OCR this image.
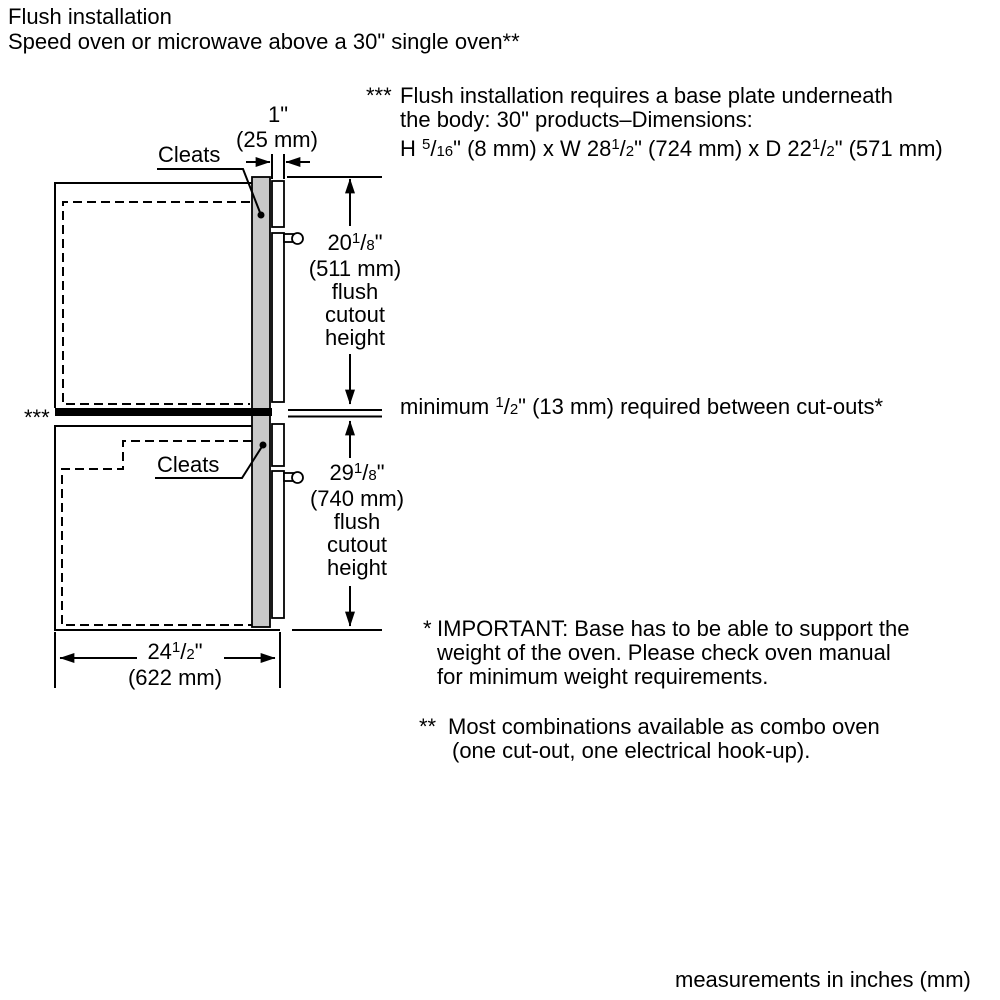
Flush installation
Speed oven or microwave above a 30" single oven**
*** Flush installation requires a base plate underneath
the body: 30" products–Dimensions:
H $^5$/16" (8 mm) x W 28$^1$/2" (724 mm) x D 22$^1$/2" (571 mm)
1"
(25 mm)
Cleats
Cleats
20$^1$/8"
(511 mm)
flush
cutout
height
***	minimum $^1$/2" (13 mm) required between cut-outs*
29$^1$/8"
(740 mm)
flush
cutout
height
24$^1$/2"
(622 mm)
* IMPORTANT: Base has to be able to support the
weight of the oven. Please check oven manual
for minimum weight requirements.
** Most combinations available as combo oven
(one cut-out, one electrical hook-up).
measurements in inches (mm)
